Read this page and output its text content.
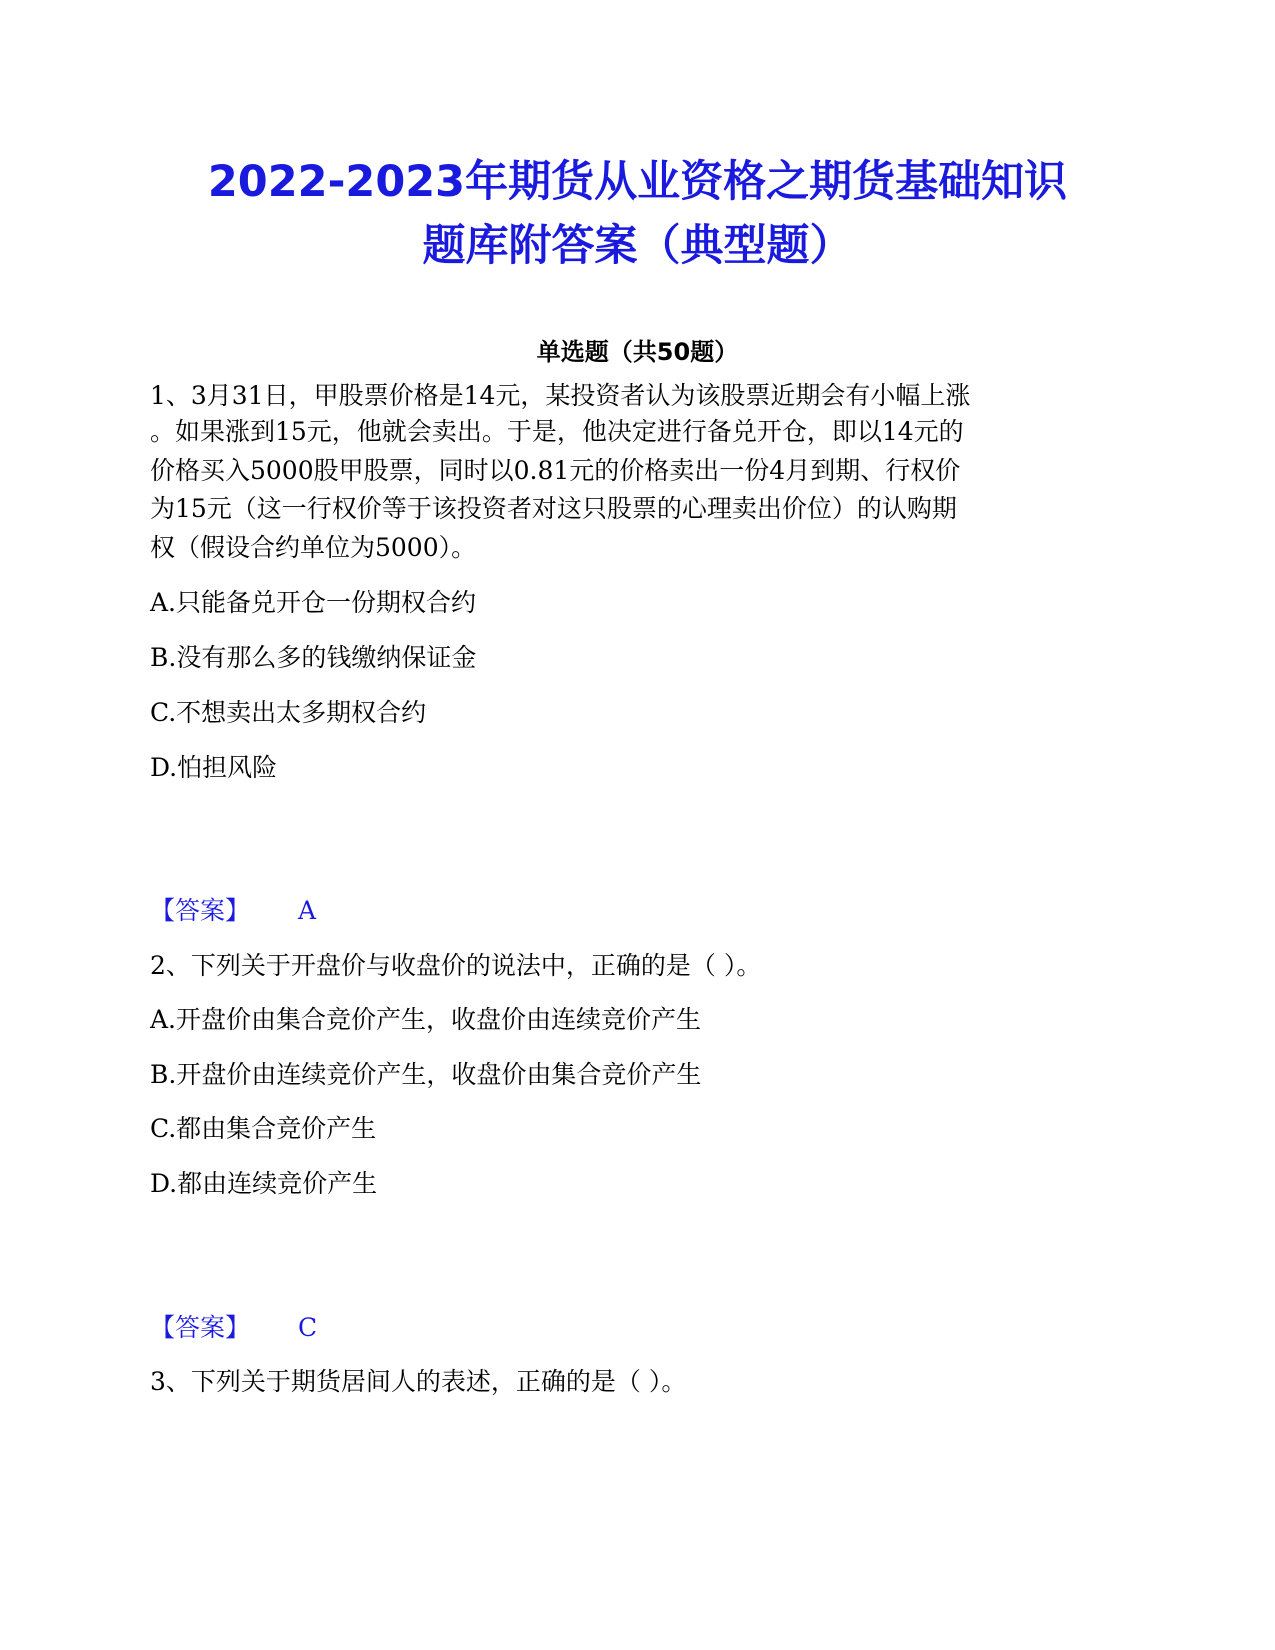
2022-2023年期货从业资格之期货基础知识
题库附答案（典型题）
单选题（共50题）
1、3月31日，甲股票价格是14元，某投资者认为该股票近期会有小幅上涨
。如果涨到15元，他就会卖出。于是，他决定进行备兑开仓，即以14元的
价格买入5000股甲股票，同时以0.81元的价格卖出一份4月到期、行权价
为15元（这一行权价等于该投资者对这只股票的心理卖出价位）的认购期
权（假设合约单位为5000）。
A.只能备兑开仓一份期权合约
B.没有那么多的钱缴纳保证金
C.不想卖出太多期权合约
D.怕担风险
【答案】 A
2、下列关于开盘价与收盘价的说法中，正确的是（ ）。
A.开盘价由集合竞价产生，收盘价由连续竞价产生
B.开盘价由连续竞价产生，收盘价由集合竞价产生
C.都由集合竞价产生
D.都由连续竞价产生
【答案】 C
3、下列关于期货居间人的表述，正确的是（ ）。
